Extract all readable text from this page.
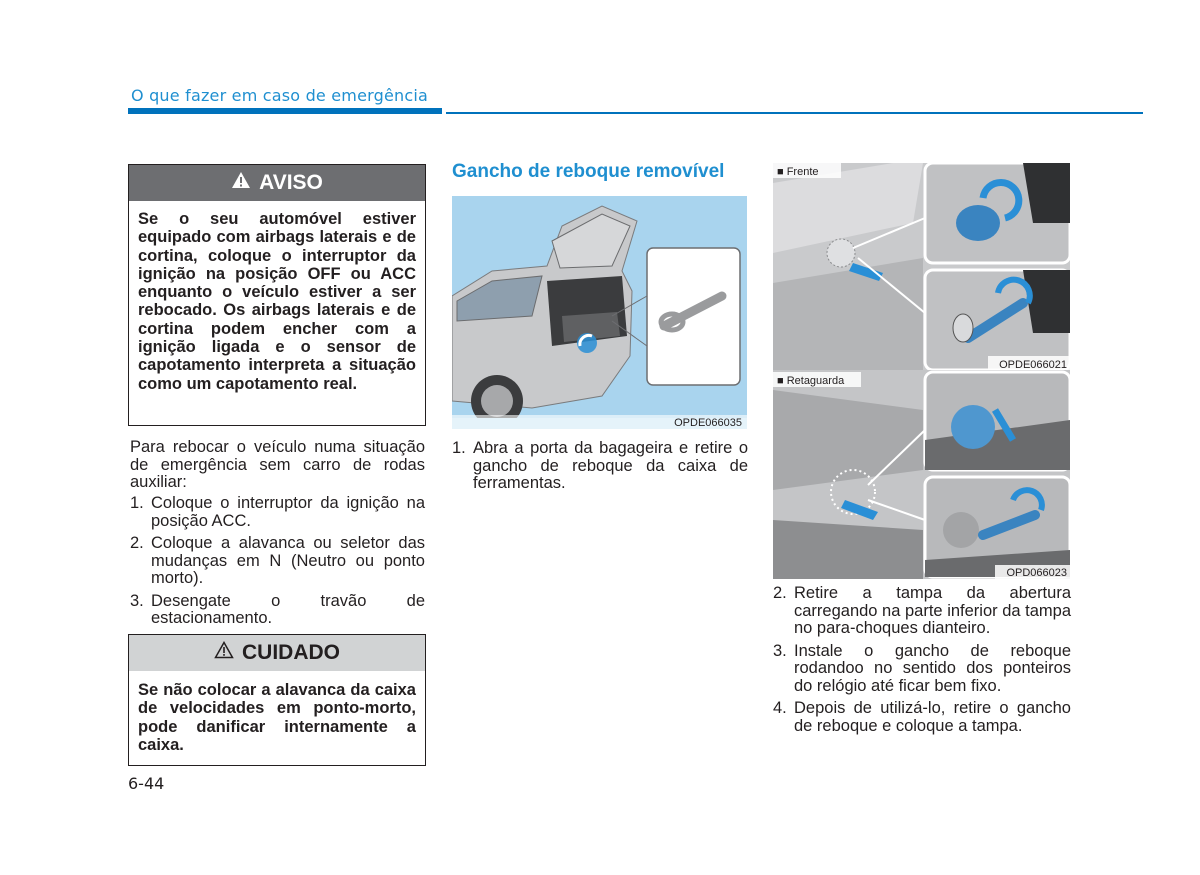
O que fazer em caso de emergência
AVISO
Se o seu automóvel estiver equipado com airbags laterais e de cortina, coloque o interruptor da ignição na posição OFF ou ACC enquanto o veículo estiver a ser rebocado. Os airbags laterais e de cortina podem encher com a ignição ligada e o sensor de capotamento interpreta a situação como um capotamento real.
Para rebocar o veículo numa situação de emergência sem carro de rodas auxiliar:
1. Coloque o interruptor da ignição na posição ACC.
2. Coloque a alavanca ou seletor das mudanças em N (Neutro ou ponto morto).
3. Desengate o travão de estacionamento.
CUIDADO
Se não colocar a alavanca da caixa de velocidades em ponto-morto, pode danificar internamente a caixa.
Gancho de reboque removível
OPDE066035
1. Abra a porta da bagageira e retire o gancho de reboque da caixa de ferramentas.
■ Frente
OPDE066021
■ Retaguarda
OPD066023
2. Retire a tampa da abertura carregando na parte inferior da tampa no para-choques dianteiro.
3. Instale o gancho de reboque rodandoo no sentido dos ponteiros do relógio até ficar bem fixo.
4. Depois de utilizá-lo, retire o gancho de reboque e coloque a tampa.
6-44
